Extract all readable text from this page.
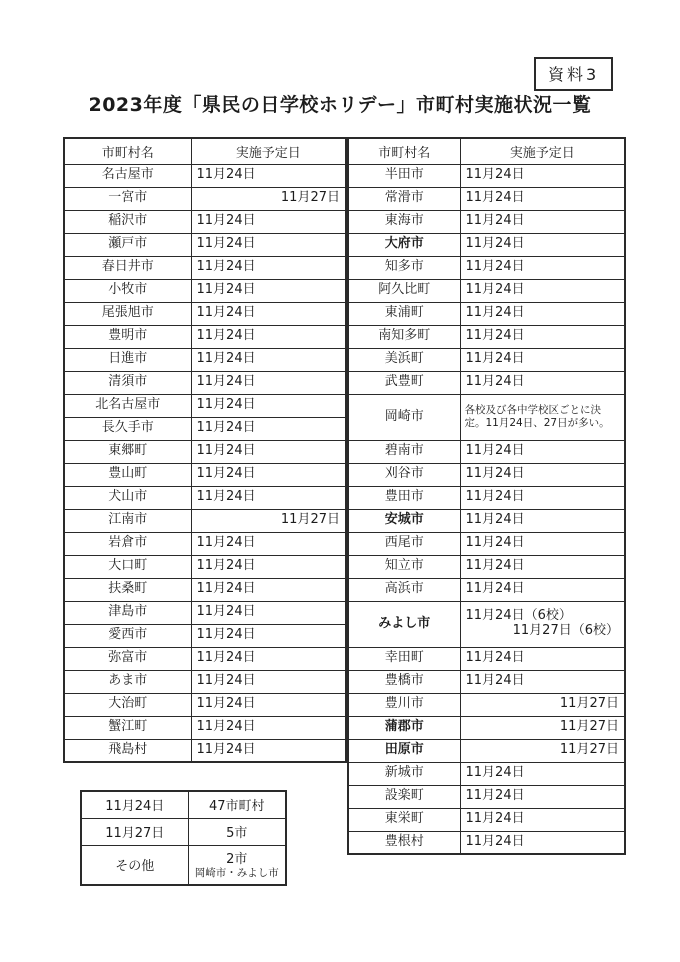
資料3
2023年度「県民の日学校ホリデー」市町村実施状況一覧
市町村名	実施予定日
名古屋市	11月24日

一宮市	11月27日

稲沢市	11月24日

瀬戸市	11月24日

春日井市	11月24日

小牧市	11月24日

尾張旭市	11月24日

豊明市	11月24日

日進市	11月24日

清須市	11月24日

北名古屋市	11月24日

長久手市	11月24日

東郷町	11月24日

豊山町	11月24日

犬山市	11月24日

江南市	11月27日

岩倉市	11月24日

大口町	11月24日

扶桑町	11月24日

津島市	11月24日

愛西市	11月24日

弥富市	11月24日

あま市	11月24日

大治町	11月24日

蟹江町	11月24日

飛島村	11月24日
市町村名	実施予定日
半田市	11月24日

常滑市	11月24日

東海市	11月24日

大府市	11月24日

知多市	11月24日

阿久比町	11月24日

東浦町	11月24日

南知多町	11月24日

美浜町	11月24日

武豊町	11月24日

岡崎市	各校及び各中学校区ごとに決定。11月24日、27日が多い。
碧南市	11月24日

刈谷市	11月24日

豊田市	11月24日

安城市	11月24日

西尾市	11月24日

知立市	11月24日

高浜市	11月24日

みよし市	11月24日（6校）
11月27日（6校）

幸田町	11月24日

豊橋市	11月24日

豊川市	11月27日

蒲郡市	11月27日

田原市	11月27日

新城市	11月24日

設楽町	11月24日

東栄町	11月24日

豊根村	11月24日
11月24日	47市町村

11月27日	5市

その他	2市
岡崎市・みよし市
